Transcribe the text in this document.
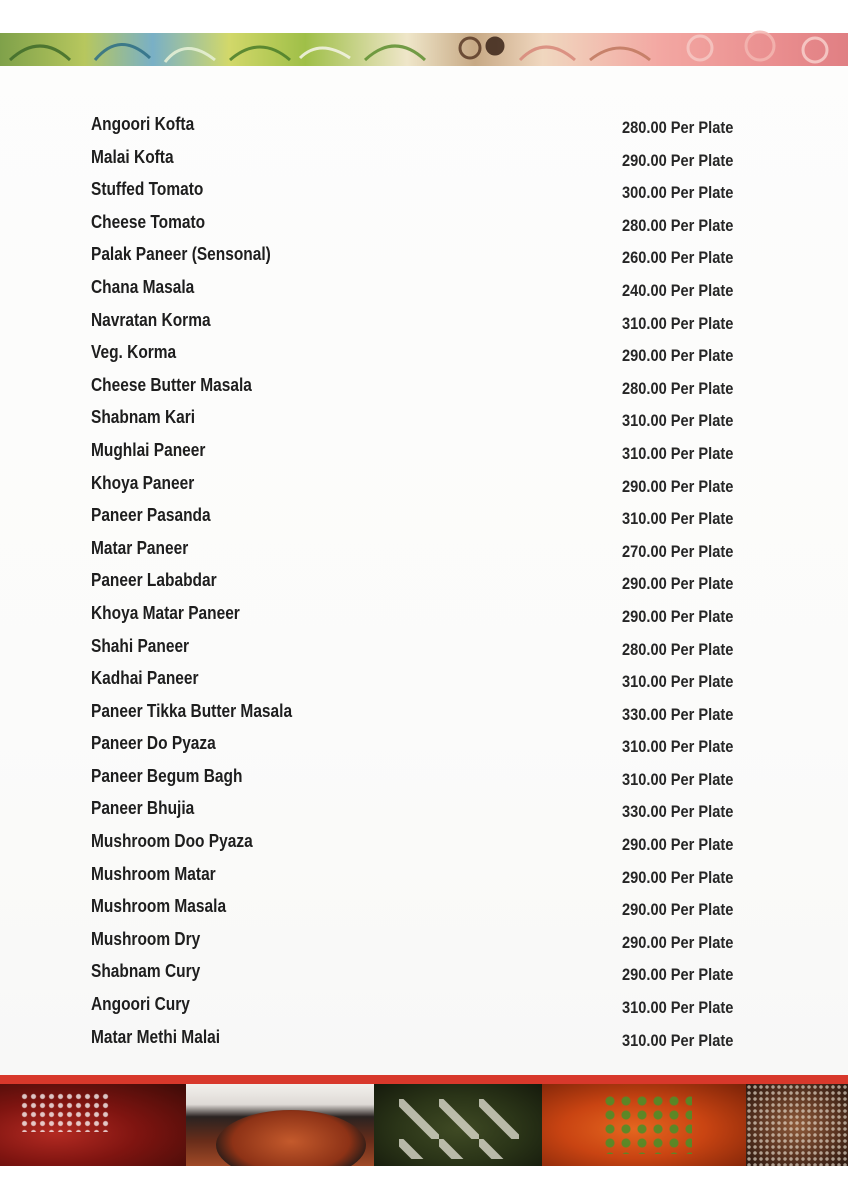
Angoori Kofta	280.00 Per Plate
Malai Kofta	290.00 Per Plate
Stuffed Tomato	300.00 Per Plate
Cheese Tomato	280.00 Per Plate
Palak Paneer (Sensonal)	260.00 Per Plate
Chana Masala	240.00 Per Plate
Navratan Korma	310.00 Per Plate
Veg. Korma	290.00 Per Plate
Cheese Butter Masala	280.00 Per Plate
Shabnam Kari	310.00 Per Plate
Mughlai Paneer	310.00 Per Plate
Khoya Paneer	290.00 Per Plate
Paneer Pasanda	310.00 Per Plate
Matar Paneer	270.00 Per Plate
Paneer Lababdar	290.00 Per Plate
Khoya Matar Paneer	290.00 Per Plate
Shahi Paneer	280.00 Per Plate
Kadhai Paneer	310.00 Per Plate
Paneer Tikka Butter Masala	330.00 Per Plate
Paneer Do Pyaza	310.00 Per Plate
Paneer Begum Bagh	310.00 Per Plate
Paneer Bhujia	330.00 Per Plate
Mushroom Doo Pyaza	290.00 Per Plate
Mushroom Matar	290.00 Per Plate
Mushroom Masala	290.00 Per Plate
Mushroom Dry	290.00 Per Plate
Shabnam Cury	290.00 Per Plate
Angoori Cury	310.00 Per Plate
Matar Methi Malai	310.00 Per Plate
